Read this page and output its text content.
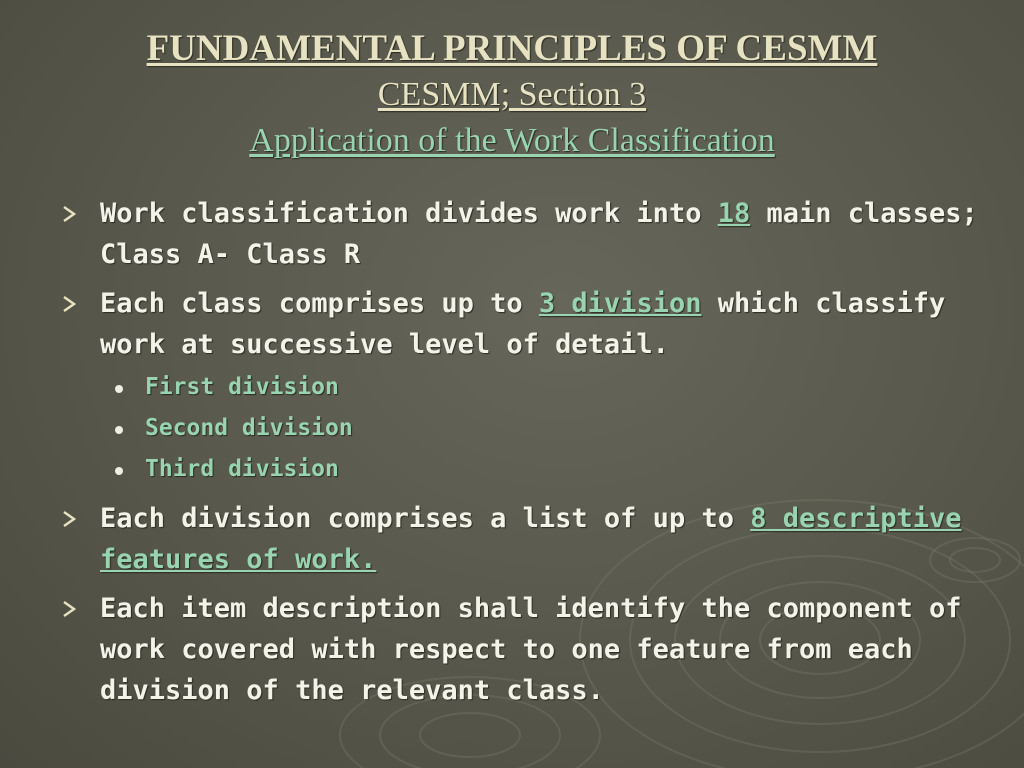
FUNDAMENTAL PRINCIPLES OF CESMM
CESMM; Section 3
Application of the Work Classification
Work classification divides work into 18 main classes; Class A- Class R
Each class comprises up to 3 division which classify work at successive level of detail.
First division
Second division
Third division
Each division comprises a list of up to 8 descriptive features of work.
Each item description shall identify the component of work covered with respect to one feature from each division of the relevant class.
